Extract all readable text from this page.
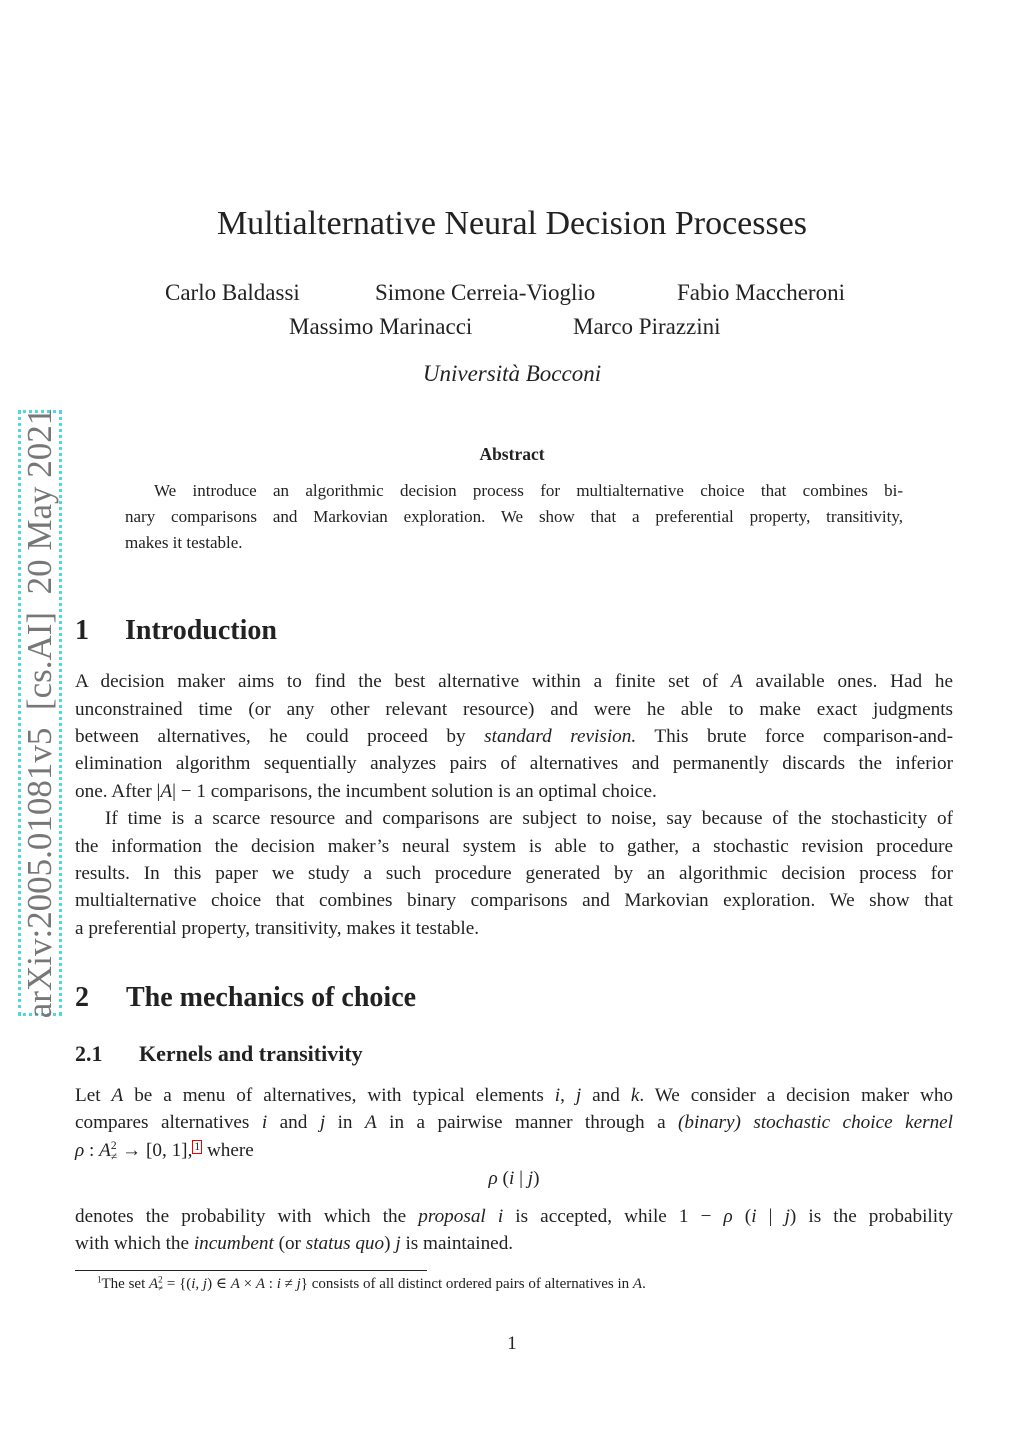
arXiv:2005.01081v5  [cs.AI]  20 May 2021
Multialternative Neural Decision Processes
Carlo Baldassi	Simone Cerreia-Vioglio	Fabio Maccheroni
Massimo Marinacci	Marco Pirazzini
Università Bocconi
Abstract
We introduce an algorithmic decision process for multialternative choice that combines bi-
nary comparisons and Markovian exploration. We show that a preferential property, transitivity,
makes it testable.
1 Introduction
A decision maker aims to find the best alternative within a finite set of A available ones. Had he
unconstrained time (or any other relevant resource) and were he able to make exact judgments
between alternatives, he could proceed by standard revision. This brute force comparison-and-
elimination algorithm sequentially analyzes pairs of alternatives and permanently discards the inferior
one. After |A| − 1 comparisons, the incumbent solution is an optimal choice.
If time is a scarce resource and comparisons are subject to noise, say because of the stochasticity of
the information the decision maker’s neural system is able to gather, a stochastic revision procedure
results. In this paper we study a such procedure generated by an algorithmic decision process for
multialternative choice that combines binary comparisons and Markovian exploration. We show that
a preferential property, transitivity, makes it testable.
2 The mechanics of choice
2.1 Kernels and transitivity
Let A be a menu of alternatives, with typical elements i, j and k. We consider a decision maker who
compares alternatives i and j in A in a pairwise manner through a (binary) stochastic choice kernel
ρ : $A^2_\ne \to [0$, 1], $^1$ where
ρ (i | j)
denotes the probability with which the proposal i is accepted, while 1 − ρ (i | j) is the probability
with which the incumbent (or status quo) j is maintained.
$^1$The set $A^2_\ne = \{(i$, j) ∈ A × A : i ≠ j} consists of all distinct ordered pairs of alternatives in A.
1
